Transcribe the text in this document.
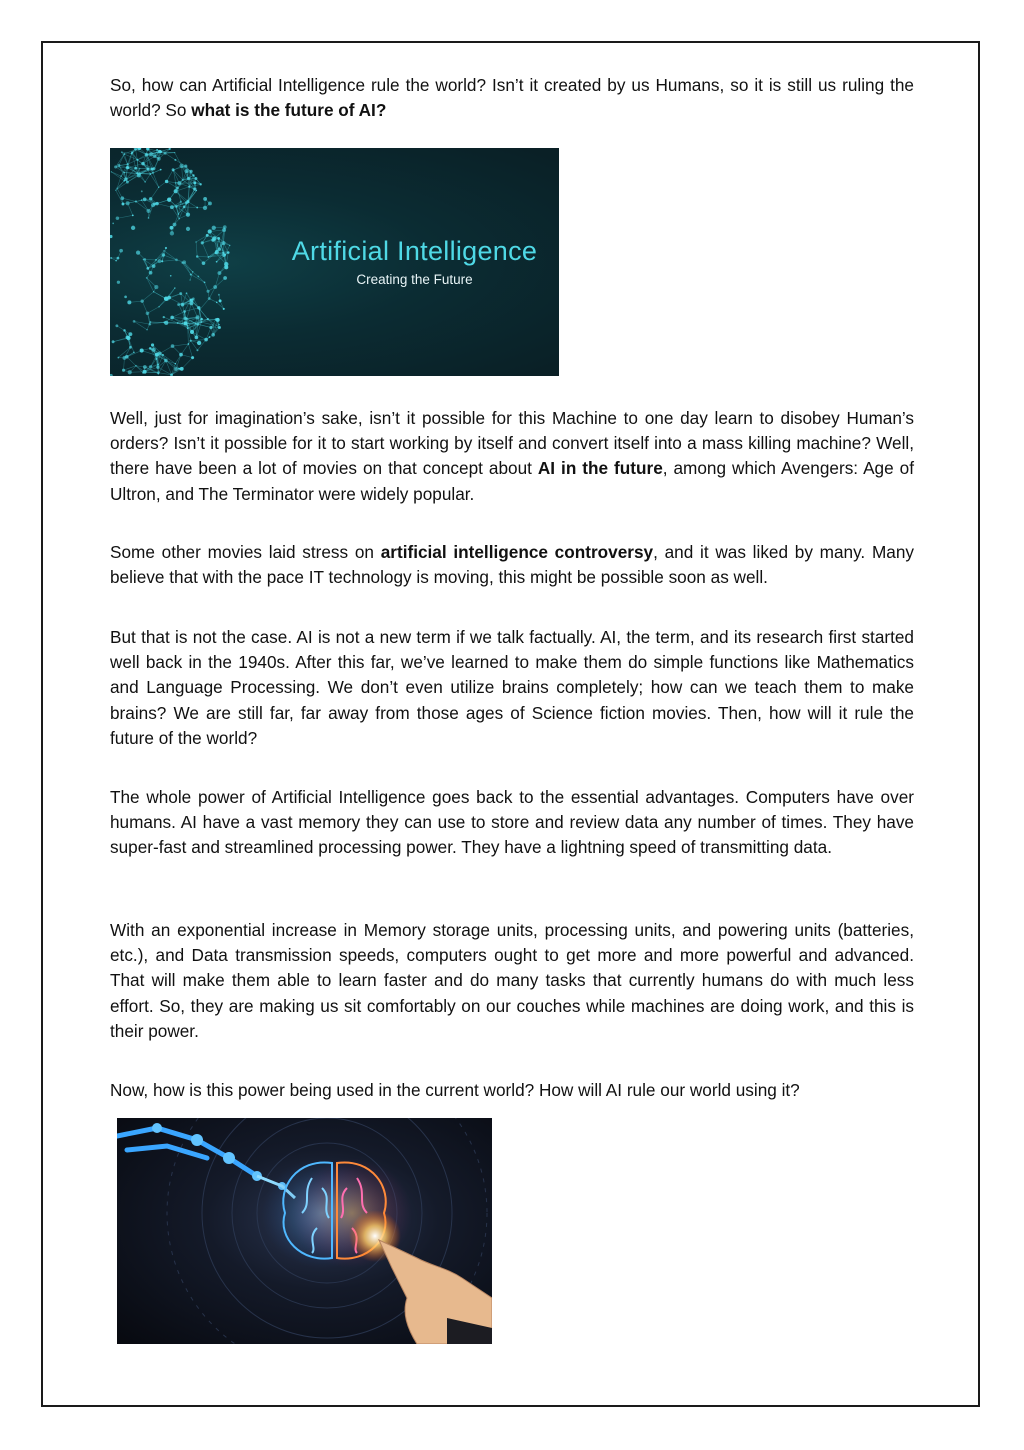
So, how can Artificial Intelligence rule the world? Isn’t it created by us Humans, so it is still us ruling the world? So what is the future of AI?

Artificial Intelligence
Creating the Future

Well, just for imagination’s sake, isn’t it possible for this Machine to one day learn to disobey Human’s orders? Isn’t it possible for it to start working by itself and convert itself into a mass killing machine? Well, there have been a lot of movies on that concept about AI in the future, among which Avengers: Age of Ultron, and The Terminator were widely popular.

Some other movies laid stress on artificial intelligence controversy, and it was liked by many. Many believe that with the pace IT technology is moving, this might be possible soon as well.

But that is not the case. AI is not a new term if we talk factually. AI, the term, and its research first started well back in the 1940s. After this far, we’ve learned to make them do simple functions like Mathematics and Language Processing. We don’t even utilize brains completely; how can we teach them to make brains? We are still far, far away from those ages of Science fiction movies. Then, how will it rule the future of the world?

The whole power of Artificial Intelligence goes back to the essential advantages. Computers have over humans. AI have a vast memory they can use to store and review data any number of times. They have super-fast and streamlined processing power. They have a lightning speed of transmitting data.

With an exponential increase in Memory storage units, processing units, and powering units (batteries, etc.), and Data transmission speeds, computers ought to get more and more powerful and advanced. That will make them able to learn faster and do many tasks that currently humans do with much less effort. So, they are making us sit comfortably on our couches while machines are doing work, and this is their power.

Now, how is this power being used in the current world? How will AI rule our world using it?
